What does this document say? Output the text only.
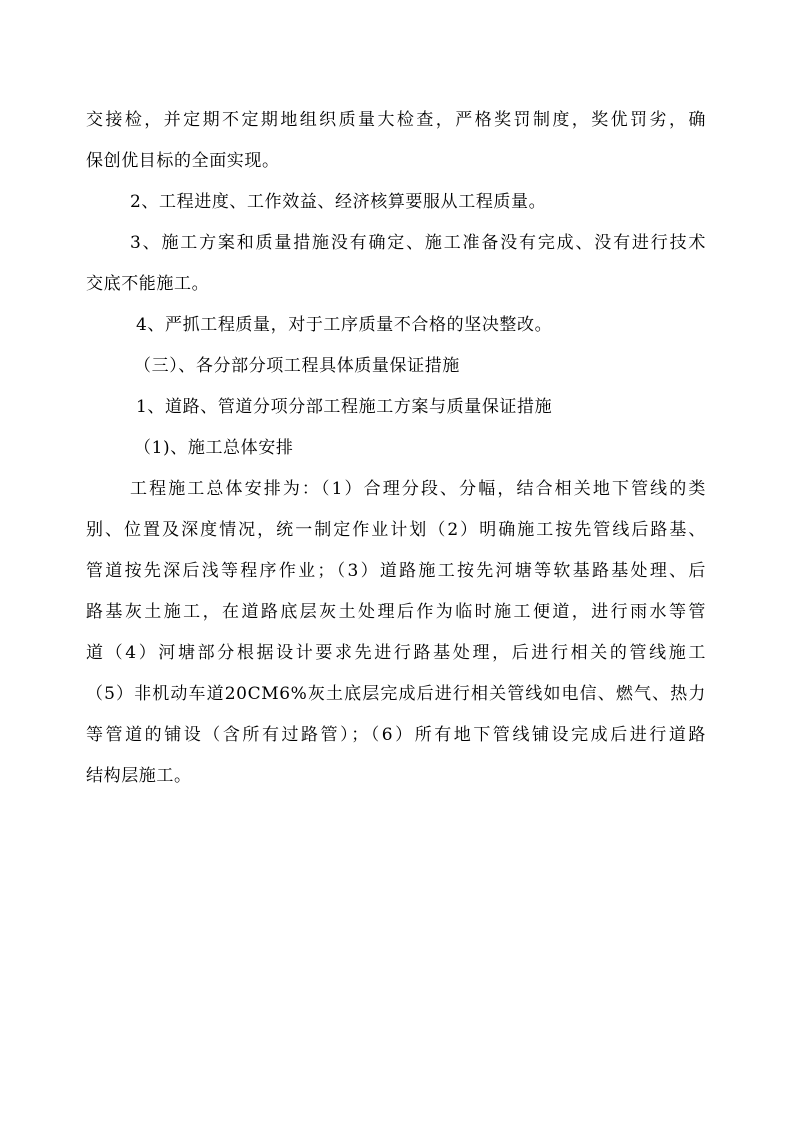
交接检，并定期不定期地组织质量大检查，严格奖罚制度，奖优罚劣，确
保创优目标的全面实现。
2、工程进度、工作效益、经济核算要服从工程质量。
3、施工方案和质量措施没有确定、施工准备没有完成、没有进行技术
交底不能施工。
4、严抓工程质量，对于工序质量不合格的坚决整改。
（三）、各分部分项工程具体质量保证措施
1、道路、管道分项分部工程施工方案与质量保证措施
（1)、施工总体安排
工程施工总体安排为：（1）合理分段、分幅，结合相关地下管线的类
别、位置及深度情况，统一制定作业计划（2）明确施工按先管线后路基、
管道按先深后浅等程序作业；（3）道路施工按先河塘等软基路基处理、后
路基灰土施工，在道路底层灰土处理后作为临时施工便道，进行雨水等管
道（4）河塘部分根据设计要求先进行路基处理，后进行相关的管线施工
（5）非机动车道20CM6%灰土底层完成后进行相关管线如电信、燃气、热力
等管道的铺设（含所有过路管）；（6）所有地下管线铺设完成后进行道路
结构层施工。
